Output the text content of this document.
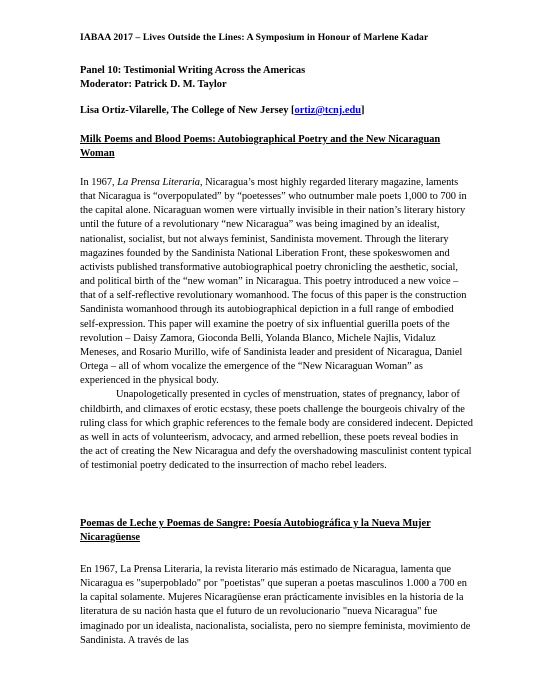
IABAA 2017 – Lives Outside the Lines: A Symposium in Honour of Marlene Kadar
Panel 10: Testimonial Writing Across the Americas
Moderator: Patrick D. M. Taylor
Lisa Ortiz-Vilarelle, The College of New Jersey [ortiz@tcnj.edu]
Milk Poems and Blood Poems: Autobiographical Poetry and the New Nicaraguan Woman

In 1967, La Prensa Literaria, Nicaragua’s most highly regarded literary magazine, laments that Nicaragua is “overpopulated” by “poetesses” who outnumber male poets 1,000 to 700 in the capital alone. Nicaraguan women were virtually invisible in their nation’s literary history until the future of a revolutionary “new Nicaragua” was being imagined by an idealist, nationalist, socialist, but not always feminist, Sandinista movement. Through the literary magazines founded by the Sandinista National Liberation Front, these spokeswomen and activists published transformative autobiographical poetry chronicling the aesthetic, social, and political birth of the “new woman” in Nicaragua. This poetry introduced a new voice – that of a self-reflective revolutionary womanhood. The focus of this paper is the construction Sandinista womanhood through its autobiographical depiction in a full range of embodied self-expression. This paper will examine the poetry of six influential guerilla poets of the revolution – Daisy Zamora, Gioconda Belli, Yolanda Blanco, Michele Najlis, Vidaluz Meneses, and Rosario Murillo, wife of Sandinista leader and president of Nicaragua, Daniel Ortega – all of whom vocalize the emergence of the “New Nicaraguan Woman” as experienced in the physical body.

Unapologetically presented in cycles of menstruation, states of pregnancy, labor of childbirth, and climaxes of erotic ecstasy, these poets challenge the bourgeois chivalry of the ruling class for which graphic references to the female body are considered indecent. Depicted as well in acts of volunteerism, advocacy, and armed rebellion, these poets reveal bodies in the act of creating the New Nicaragua and defy the overshadowing masculinist content typical of testimonial poetry dedicated to the insurrection of macho rebel leaders.

Poemas de Leche y Poemas de Sangre: Poesía Autobiográfica y la Nueva Mujer Nicaragüense

En 1967, La Prensa Literaria, la revista literario más estimado de Nicaragua, lamenta que Nicaragua es "superpoblado" por "poetistas" que superan a poetas masculinos 1.000 a 700 en la capital solamente. Mujeres Nicaragüense eran prácticamente invisibles en la historia de la literatura de su nación hasta que el futuro de un revolucionario "nueva Nicaragua" fue imaginado por un idealista, nacionalista, socialista, pero no siempre feminista, movimiento de Sandinista. A través de las
